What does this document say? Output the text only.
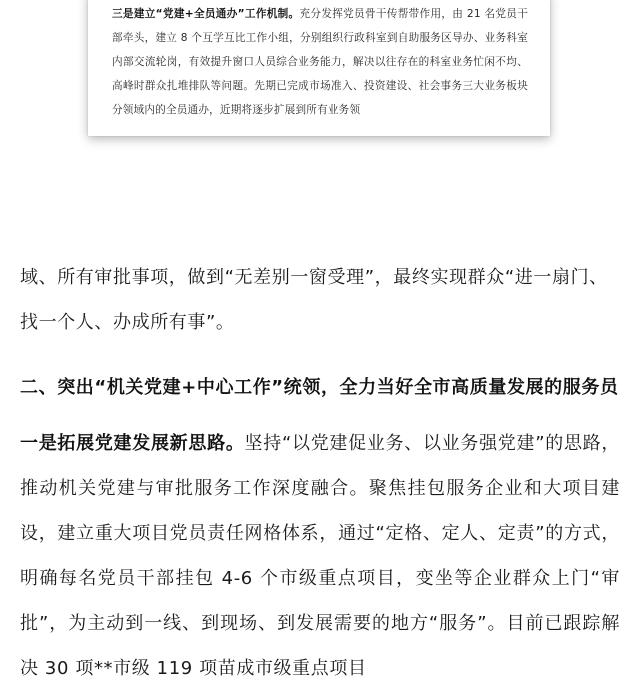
三是建立“党建+全员通办”工作机制。充分发挥党员骨干传帮带作用，由 21 名党员干部牵头，建立 8 个互学互比工作小组，分别组织行政科室到自助服务区导办、业务科室内部交流轮岗，有效提升窗口人员综合业务能力，解决以往存在的科室业务忙闲不均、高峰时群众扎堆排队等问题。先期已完成市场准入、投资建设、社会事务三大业务板块分领域内的全员通办，近期将逐步扩展到所有业务领

域、所有审批事项，做到“无差别一窗受理”，最终实现群众“进一扇门、找一个人、办成所有事”。

二、突出“机关党建+中心工作”统领，全力当好全市高质量发展的服务员

一是拓展党建发展新思路。坚持“以党建促业务、以业务强党建”的思路，推动机关党建与审批服务工作深度融合。聚焦挂包服务企业和大项目建设，建立重大项目党员责任网格体系，通过“定格、定人、定责”的方式，明确每名党员干部挂包 4-6 个市级重点项目，变坐等企业群众上门“审批”，为主动到一线、到现场、到发展需要的地方“服务”。目前已跟踪解决 30 项**市级 119 项苗成市级重点项目
